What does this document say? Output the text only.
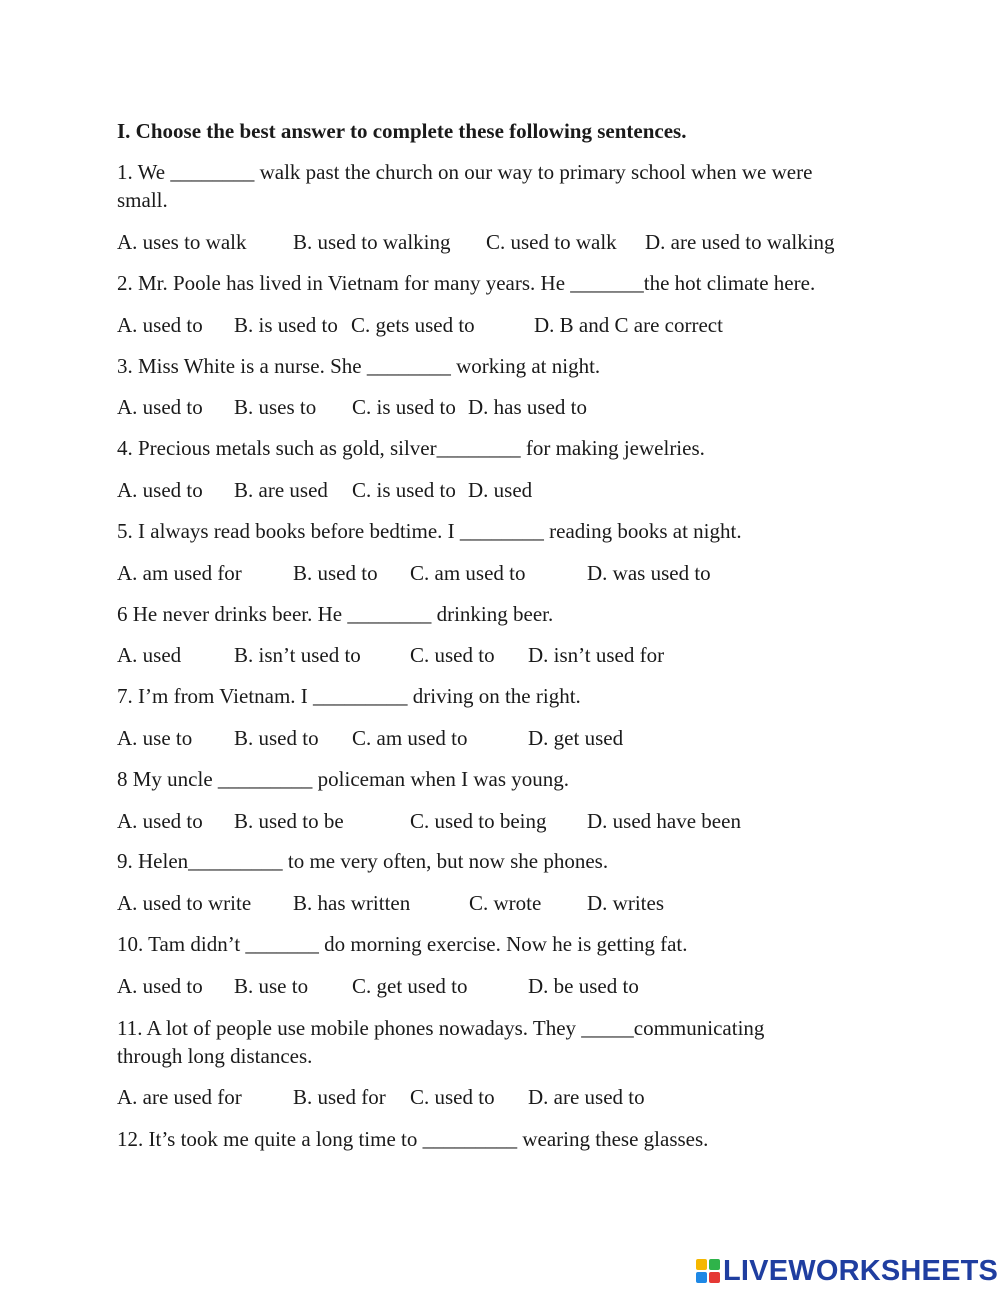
I. Choose the best answer to complete these following sentences.
1. We ________ walk past the church on our way to primary school when we were
small.
A. uses to walk B. used to walking C. used to walk D. are used to walking
2. Mr. Poole has lived in Vietnam for many years. He _______the hot climate here.
A. used to B. is used to C. gets used to	D. B and C are correct
3. Miss White is a nurse. She ________ working at night.
A. used to B. uses to C. is used to D. has used to
4. Precious metals such as gold, silver________ for making jewelries.
A. used to B. are used C. is used to D. used
5. I always read books before bedtime. I ________ reading books at night.
A. am used for B. used to C. am used to	D. was used to
6 He never drinks beer. He ________ drinking beer.
A. used	B. isn’t used to C. used to D. isn’t used for
7. I’m from Vietnam. I _________ driving on the right.
A. use to B. used to C. am used to	D. get used
8 My uncle _________ policeman when I was young.
A. used to B. used to be	C. used to being D. used have been
9. Helen_________ to me very often, but now she phones.
A. used to write B. has written	C. wrote D. writes
10. Tam didn’t _______ do morning exercise. Now he is getting fat.
A. used to B. use to C. get used to	D. be used to
11. A lot of people use mobile phones nowadays. They _____communicating
through long distances.
A. are used for B. used for C. used to D. are used to
12. It’s took me quite a long time to _________ wearing these glasses.
LIVEWORKSHEETS
